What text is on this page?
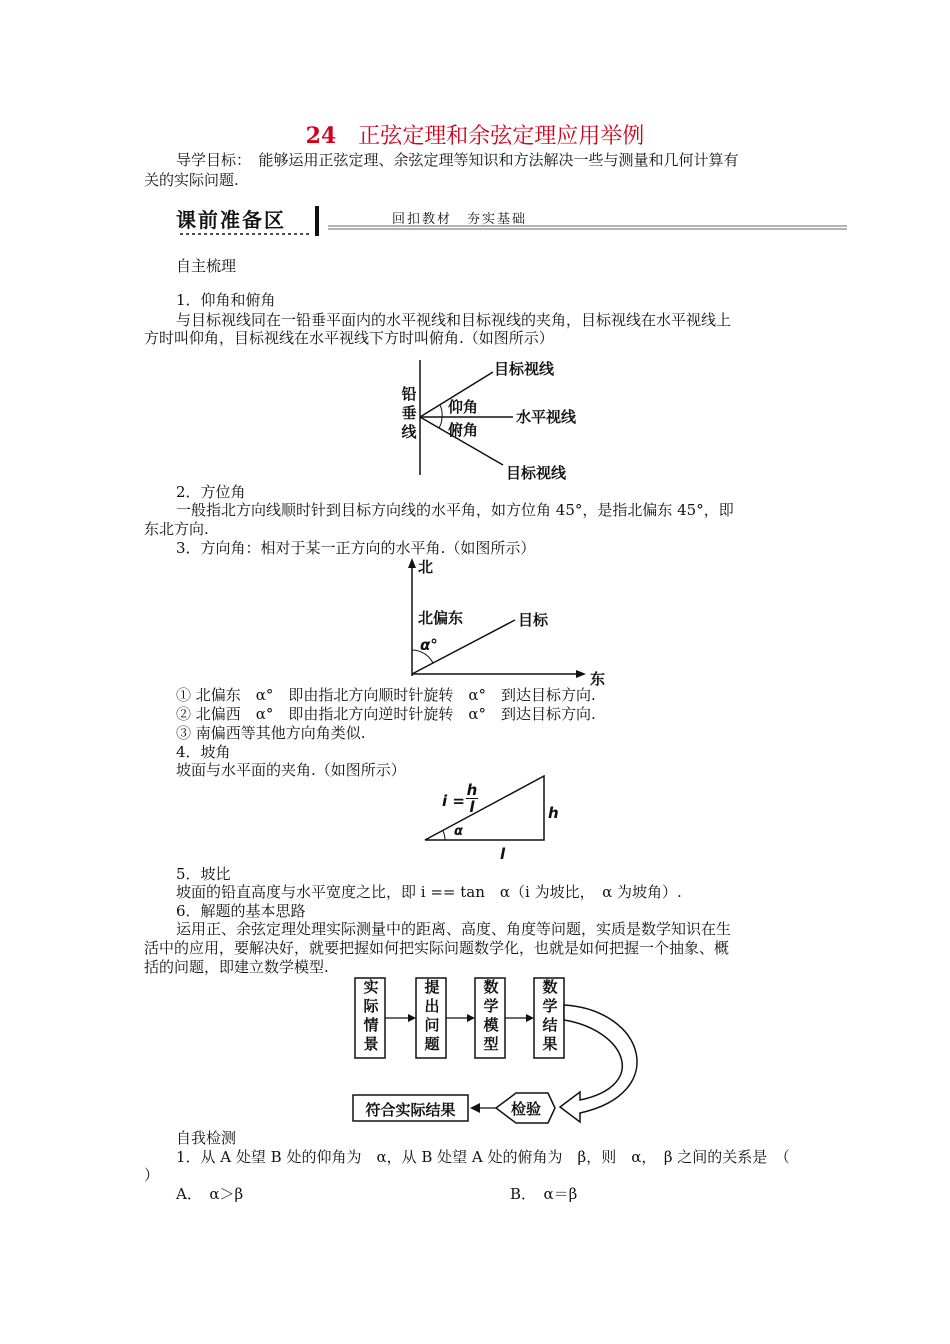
24 正弦定理和余弦定理应用举例
导学目标：　能够运用正弦定理、余弦定理等知识和方法解决一些与测量和几何计算有
关的实际问题.
课前准备区	回扣教材　夯实基础
自主梳理
1．仰角和俯角
与目标视线同在一铅垂平面内的水平视线和目标视线的夹角，目标视线在水平视线上
方时叫仰角，目标视线在水平视线下方时叫俯角.（如图所示）
铅
垂
线
目标视线
仰角
水平视线
俯角
目标视线
2．方位角
一般指北方向线顺时针到目标方向线的水平角，如方位角 45°，是指北偏东 45°，即
东北方向.
3．方向角：相对于某一正方向的水平角.（如图所示）
北
北偏东	目标
α°
东
① 北偏东　α°　即由指北方向顺时针旋转　α°　到达目标方向.
② 北偏西　α°　即由指北方向逆时针旋转　α°　到达目标方向.
③ 南偏西等其他方向角类似.
4．坡角
坡面与水平面的夹角.（如图所示）
$i = \frac{h}{l}$	h
α
l
5．坡比
坡面的铅直高度与水平宽度之比，即 i == tan　α（i 为坡比，　α 为坡角）.
6．解题的基本思路
运用正、余弦定理处理实际测量中的距离、高度、角度等问题，实质是数学知识在生
活中的应用，要解决好，就要把握如何把实际问题数学化，也就是如何把握一个抽象、概
括的问题，即建立数学模型.
实
际
情
景
提
出
问
题
数
学
模
型
数
学
结
果
检验
符合实际结果
自我检测
1．从 A 处望 B 处的仰角为　α，从 B 处望 A 处的俯角为　β，则　α，　β 之间的关系是　（
）
A．　α＞β	B．　α＝β
